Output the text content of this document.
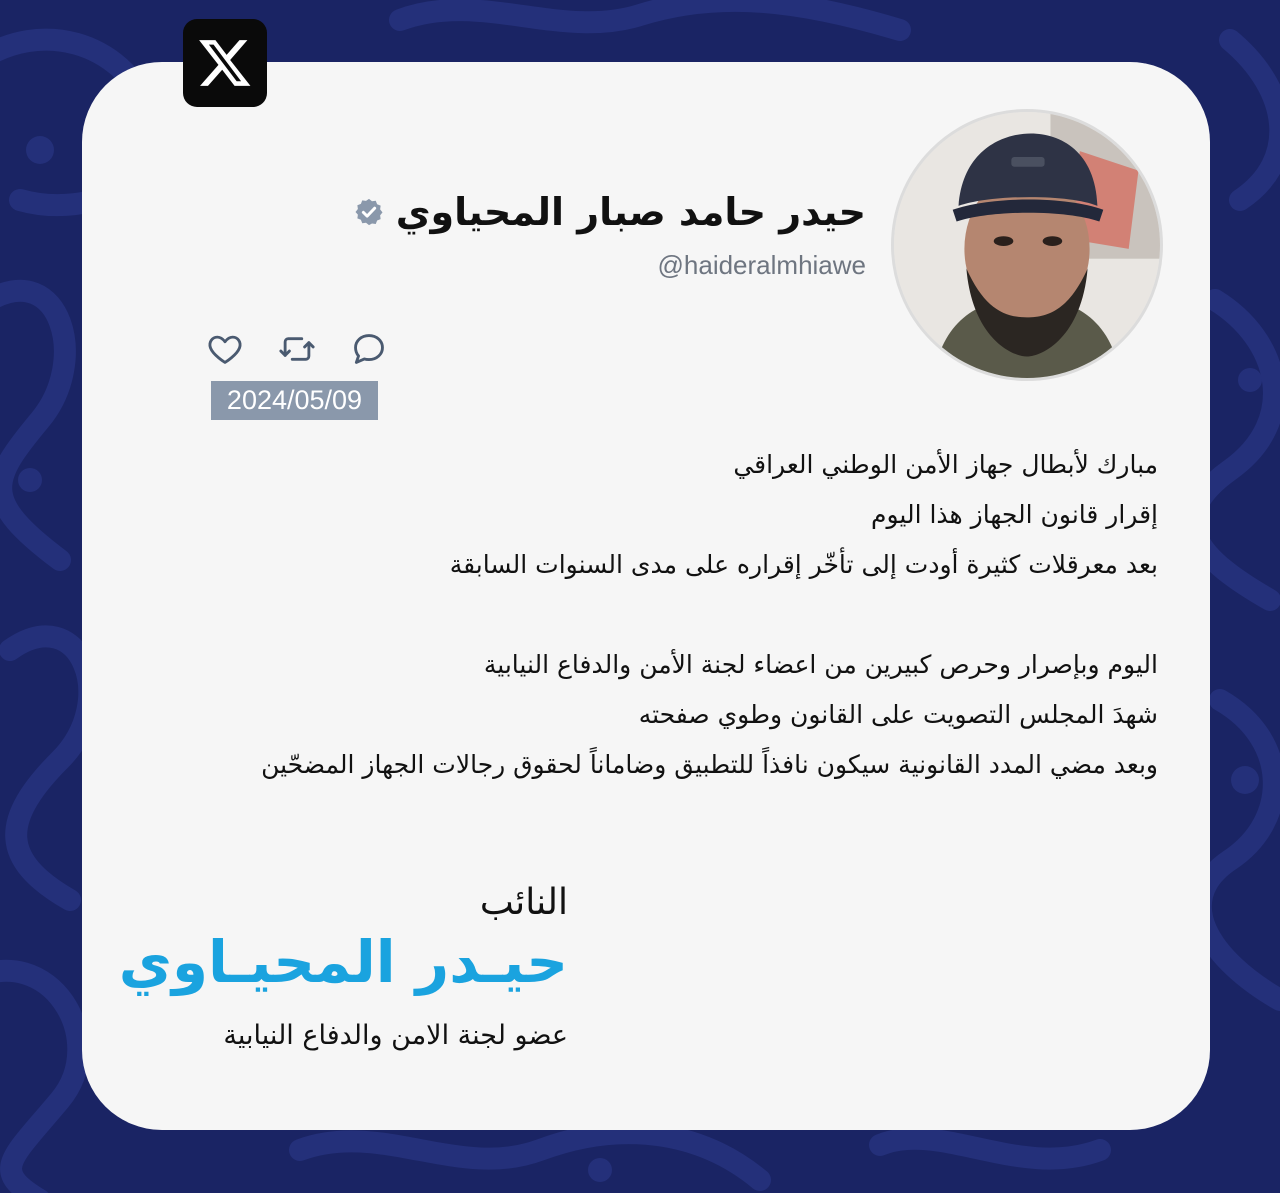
حيدر حامد صبار المحياوي
@haideralmhiawe
2024/05/09
مبارك لأبطال جهاز الأمن الوطني العراقي
إقرار قانون الجهاز هذا اليوم
بعد معرقلات كثيرة أودت إلى تأخّر إقراره على مدى السنوات السابقة
اليوم وبإصرار وحرص كبيرين من اعضاء لجنة الأمن والدفاع النيابية
شهدَ المجلس التصويت على القانون وطوي صفحته
وبعد مضي المدد القانونية سيكون نافذاً للتطبيق وضاماناً لحقوق رجالات الجهاز المضحّين
النائب
حيـدر المحيـاوي
عضو لجنة الامن والدفاع النيابية
